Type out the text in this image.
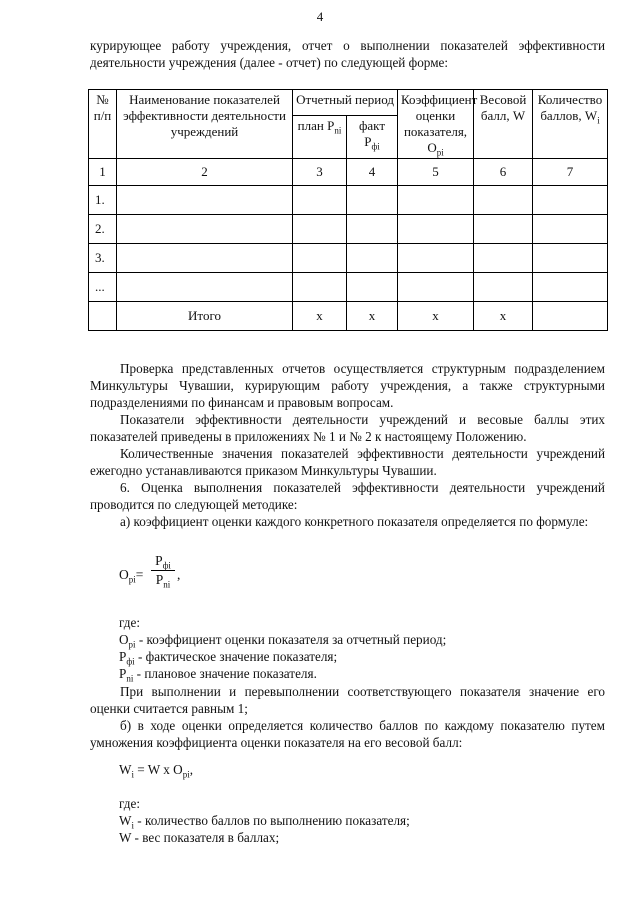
4
курирующее работу учреждения, отчет о выполнении показателей эффективности деятельности учреждения (далее - отчет) по следующей форме:
№ п/п	Наименование показателей эффективности деятельности учреждений	Отчетный период		Коэффициент оценки показателя, $O_{pi}$	Весовой балл, W	Количество баллов, $W_i$
		план $P_{ni}$	факт $P_{фi}$
1	2	3	4	5	6	7
1.						
2.						
3.						
...						
	Итого	х	х	х	х	
Проверка представленных отчетов осуществляется структурным подразделением Минкультуры Чувашии, курирующим работу учреждения, а также структурными подразделениями по финансам и правовым вопросам.
Показатели эффективности деятельности учреждений и весовые баллы этих показателей приведены в приложениях № 1 и № 2 к настоящему Положению.
Количественные значения показателей эффективности деятельности учреждений ежегодно устанавливаются приказом Минкультуры Чувашии.
6. Оценка выполнения показателей эффективности деятельности учреждений проводится по следующей методике:
а) коэффициент оценки каждого конкретного показателя определяется по формуле:
$O_{pi}=$
$P_{фi}$
$P_{ni}$
,
где:
$O_{pi}$ - коэффициент оценки показателя за отчетный период;
$P_{фi}$ - фактическое значение показателя;
$P_{ni}$ - плановое значение показателя.
При выполнении и перевыполнении соответствующего показателя значение его оценки считается равным 1;
б) в ходе оценки определяется количество баллов по каждому показателю путем умножения коэффициента оценки показателя на его весовой балл:
$W_i = W$ x $O_{pi}$,
где:
$W_i$ - количество баллов по выполнению показателя;
W - вес показателя в баллах;
